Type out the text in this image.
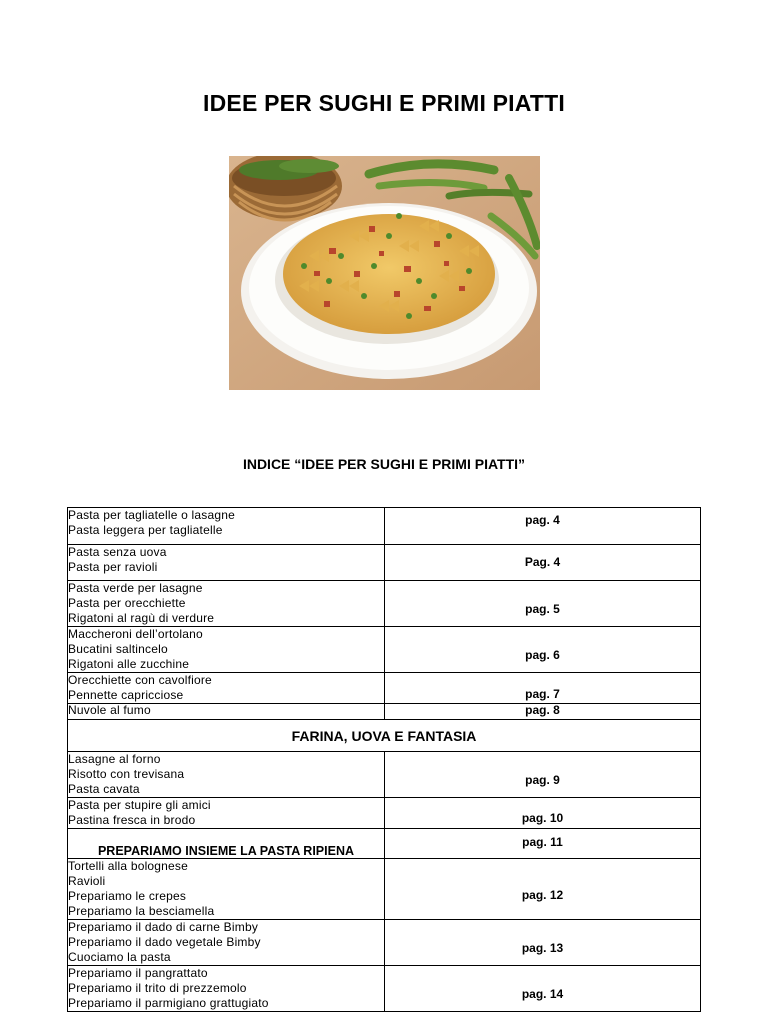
IDEE PER SUGHI E PRIMI PIATTI
INDICE “IDEE PER SUGHI E PRIMI PIATTI”
Pasta per tagliatelle o lasagne
Pasta leggera per tagliatelle	pag. 4

Pasta senza uova
Pasta per ravioli	Pag. 4

Pasta verde per lasagne
Pasta per orecchiette
Rigatoni al ragù di verdure	pag. 5

Maccheroni dell’ortolano
Bucatini saltincelo
Rigatoni alle zucchine	pag. 6

Orecchiette con cavolfiore
Pennette capricciose	pag. 7

Nuvole al fumo	pag. 8

FARINA, UOVA E FANTASIA	

Lasagne al forno
Risotto con trevisana
Pasta cavata	pag. 9

Pasta per stupire gli amici
Pastina fresca in brodo	pag. 10

PREPARIAMO INSIEME LA PASTA RIPIENA	pag. 11

Tortelli alla bolognese
Ravioli
Prepariamo le crepes
Prepariamo la besciamella	pag. 12

Prepariamo il dado di carne Bimby
Prepariamo il dado vegetale Bimby
Cuociamo la pasta	pag. 13

Prepariamo il pangrattato
Prepariamo il trito di prezzemolo
Prepariamo il parmigiano grattugiato	pag. 14
